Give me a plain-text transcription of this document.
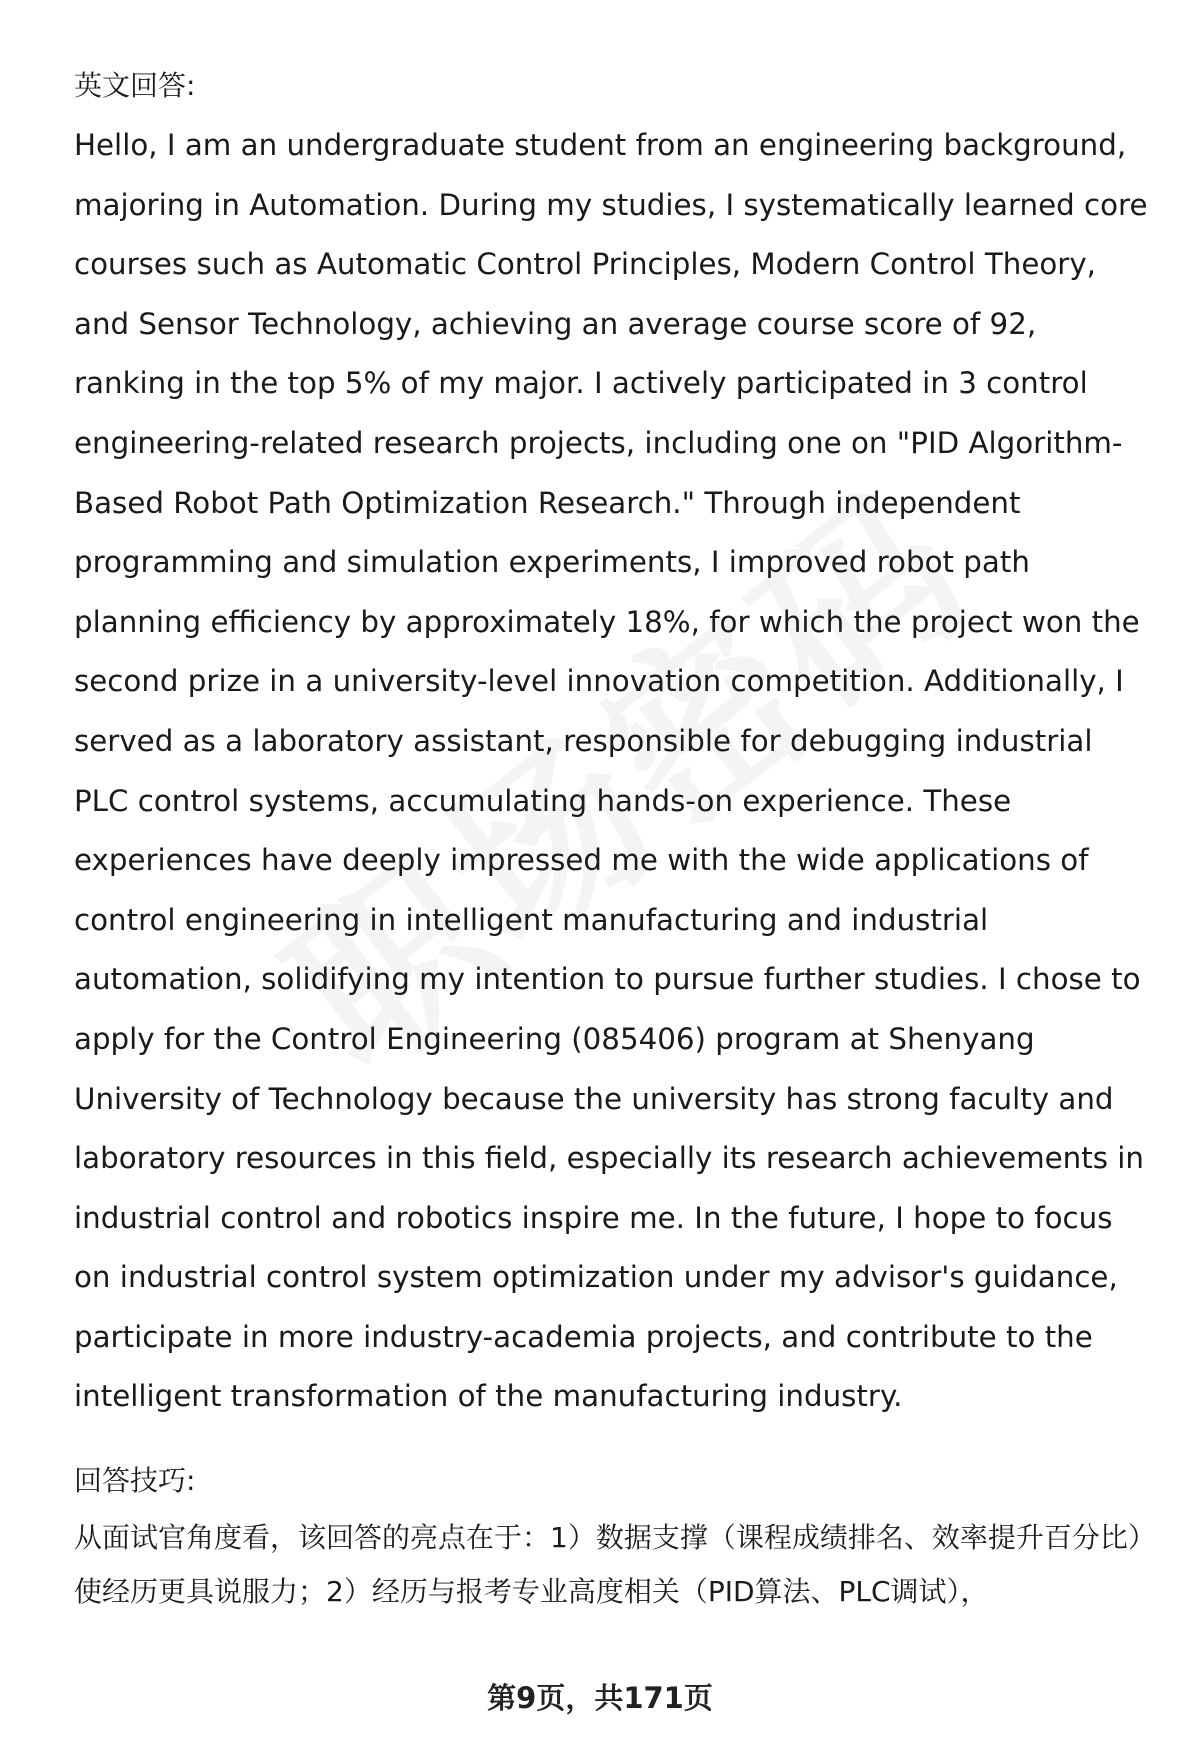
英文回答:

Hello, I am an undergraduate student from an engineering background, majoring in Automation. During my studies, I systematically learned core courses such as Automatic Control Principles, Modern Control Theory, and Sensor Technology, achieving an average course score of 92, ranking in the top 5% of my major. I actively participated in 3 control engineering-related research projects, including one on "PID Algorithm-Based Robot Path Optimization Research." Through independent programming and simulation experiments, I improved robot path planning efficiency by approximately 18%, for which the project won the second prize in a university-level innovation competition. Additionally, I served as a laboratory assistant, responsible for debugging industrial PLC control systems, accumulating hands-on experience. These experiences have deeply impressed me with the wide applications of control engineering in intelligent manufacturing and industrial automation, solidifying my intention to pursue further studies. I chose to apply for the Control Engineering (085406) program at Shenyang University of Technology because the university has strong faculty and laboratory resources in this field, especially its research achievements in industrial control and robotics inspire me. In the future, I hope to focus on industrial control system optimization under my advisor's guidance, participate in more industry-academia projects, and contribute to the intelligent transformation of the manufacturing industry.

回答技巧:

从面试官角度看，该回答的亮点在于：1）数据支撑（课程成绩排名、效率提升百分比）使经历更具说服力；2）经历与报考专业高度相关（PID算法、PLC调试），

第9页，共171页
